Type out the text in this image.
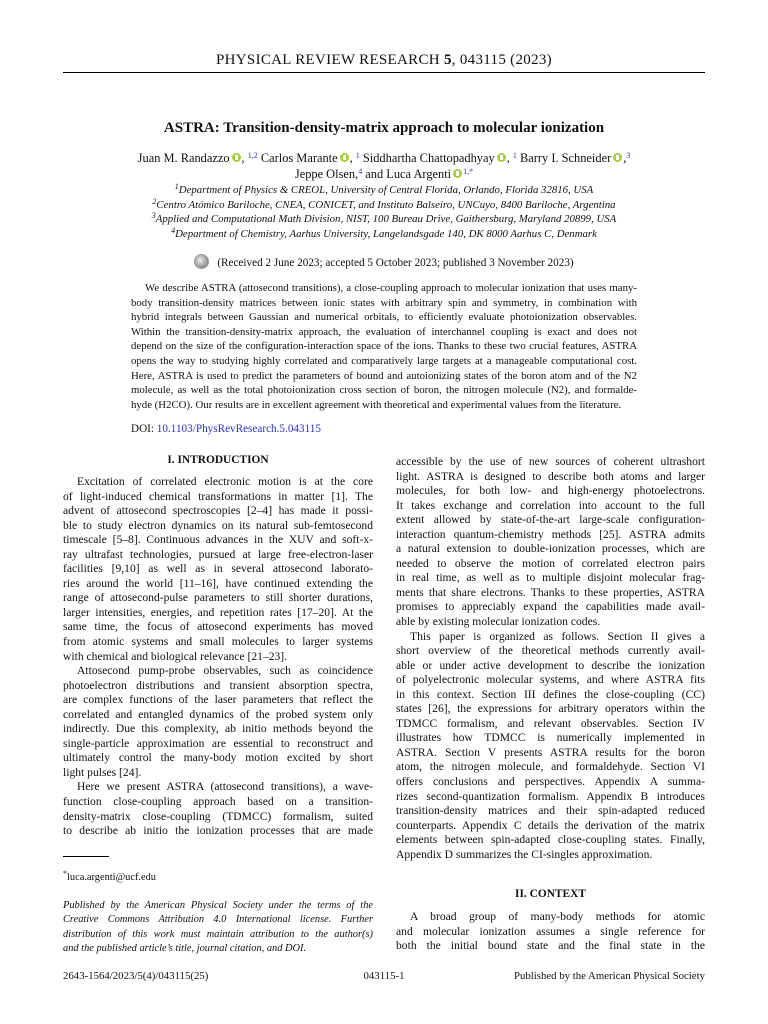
PHYSICAL REVIEW RESEARCH 5, 043115 (2023)
ASTRA: Transition-density-matrix approach to molecular ionization
Juan M. Randazzo , $^{1,2}$ Carlos Marante , $^1$ Siddhartha Chattopadhyay , $^1$ Barry I. Schneider ,$^3$
Jeppe Olsen,$^4$ and Luca Argenti $^{1,*}$
$^1$Department of Physics & CREOL, University of Central Florida, Orlando, Florida 32816, USA
$^2$Centro Atómico Bariloche, CNEA, CONICET, and Instituto Balseiro, UNCuyo, 8400 Bariloche, Argentina
$^3$Applied and Computational Math Division, NIST, 100 Bureau Drive, Gaithersburg, Maryland 20899, USA
$^4$Department of Chemistry, Aarhus University, Langelandsgade 140, DK 8000 Aarhus C, Denmark
(Received 2 June 2023; accepted 5 October 2023; published 3 November 2023)
We describe ASTRA (attosecond transitions), a close-coupling approach to molecular ionization that uses many-
body transition-density matrices between ionic states with arbitrary spin and symmetry, in combination with
hybrid integrals between Gaussian and numerical orbitals, to efficiently evaluate photoionization observables.
Within the transition-density-matrix approach, the evaluation of interchannel coupling is exact and does not
depend on the size of the configuration-interaction space of the ions. Thanks to these two crucial features, ASTRA
opens the way to studying highly correlated and comparatively large targets at a manageable computational cost.
Here, ASTRA is used to predict the parameters of bound and autoionizing states of the boron atom and of the N2
molecule, as well as the total photoionization cross section of boron, the nitrogen molecule (N2), and formalde-
hyde (H2CO). Our results are in excellent agreement with theoretical and experimental values from the literature.
DOI: 10.1103/PhysRevResearch.5.043115
I. INTRODUCTION
Excitation of correlated electronic motion is at the core
of light-induced chemical transformations in matter [1]. The
advent of attosecond spectroscopies [2–4] has made it possi-
ble to study electron dynamics on its natural sub-femtosecond
timescale [5–8]. Continuous advances in the XUV and soft-x-
ray ultrafast technologies, pursued at large free-electron-laser
facilities [9,10] as well as in several attosecond laborato-
ries around the world [11–16], have continued extending the
range of attosecond-pulse parameters to still shorter durations,
larger intensities, energies, and repetition rates [17–20]. At the
same time, the focus of attosecond experiments has moved
from atomic systems and small molecules to larger systems
with chemical and biological relevance [21–23].
Attosecond pump-probe observables, such as coincidence
photoelectron distributions and transient absorption spectra,
are complex functions of the laser parameters that reflect the
correlated and entangled dynamics of the probed system only
indirectly. Due this complexity, ab initio methods beyond the
single-particle approximation are essential to reconstruct and
ultimately control the many-body motion excited by short
light pulses [24].
Here we present ASTRA (attosecond transitions), a wave-
function close-coupling approach based on a transition-
density-matrix close-coupling (TDMCC) formalism, suited
to describe ab initio the ionization processes that are made
accessible by the use of new sources of coherent ultrashort
light. ASTRA is designed to describe both atoms and larger
molecules, for both low- and high-energy photoelectrons.
It takes exchange and correlation into account to the full
extent allowed by state-of-the-art large-scale configuration-
interaction quantum-chemistry methods [25]. ASTRA admits
a natural extension to double-ionization processes, which are
needed to observe the motion of correlated electron pairs
in real time, as well as to multiple disjoint molecular frag-
ments that share electrons. Thanks to these properties, ASTRA
promises to appreciably expand the capabilities made avail-
able by existing molecular ionization codes.
This paper is organized as follows. Section II gives a
short overview of the theoretical methods currently avail-
able or under active development to describe the ionization
of polyelectronic molecular systems, and where ASTRA fits
in this context. Section III defines the close-coupling (CC)
states [26], the expressions for arbitrary operators within the
TDMCC formalism, and relevant observables. Section IV
illustrates how TDMCC is numerically implemented in
ASTRA. Section V presents ASTRA results for the boron
atom, the nitrogen molecule, and formaldehyde. Section VI
offers conclusions and perspectives. Appendix A summa-
rizes second-quantization formalism. Appendix B introduces
transition-density matrices and their spin-adapted reduced
counterparts. Appendix C details the derivation of the matrix
elements between spin-adapted close-coupling states. Finally,
Appendix D summarizes the CI-singles approximation.
II. CONTEXT
A broad group of many-body methods for atomic
and molecular ionization assumes a single reference for
both the initial bound state and the final state in the
*luca.argenti@ucf.edu
Published by the American Physical Society under the terms of the
Creative Commons Attribution 4.0 International license. Further
distribution of this work must maintain attribution to the author(s)
and the published article’s title, journal citation, and DOI.
2643-1564/2023/5(4)/043115(25)	043115-1	Published by the American Physical Society
